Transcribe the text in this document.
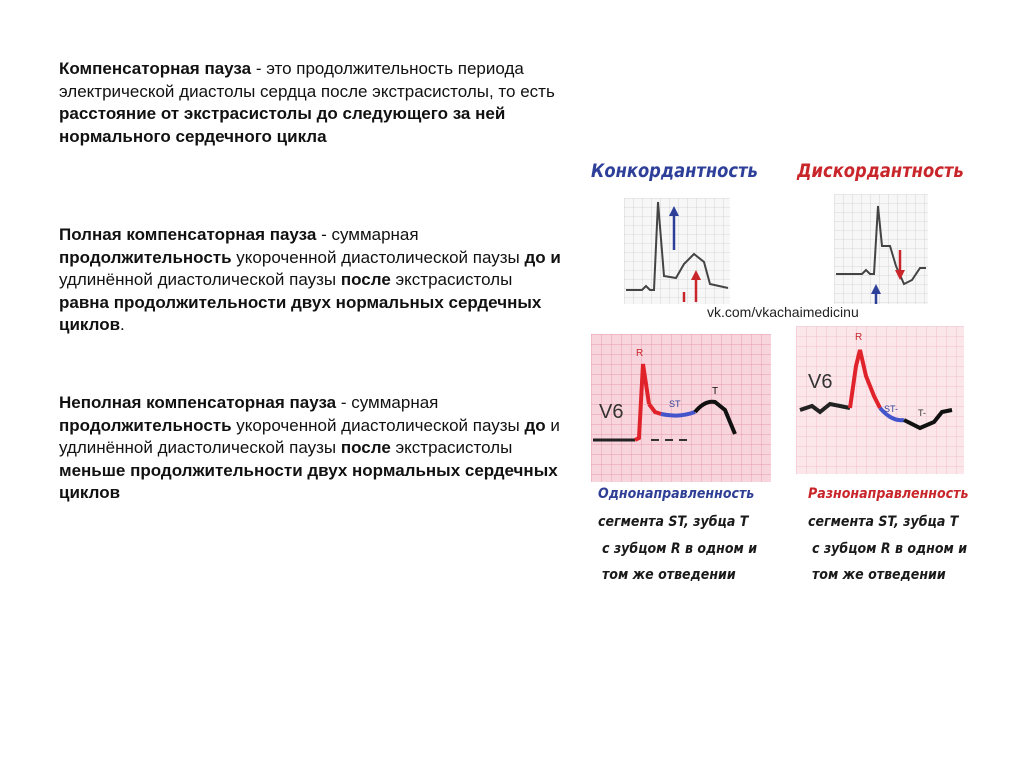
Компенсаторная пауза - это продолжительность периода электрической диастолы сердца после экстрасистолы, то есть расстояние от экстрасистолы до следующего за ней нормального сердечного цикла

Полная компенсаторная пауза - суммарная продолжительность укороченной диастолической паузы до и удлинённой диастолической паузы после экстрасистолы равна продолжительности двух нормальных сердечных циклов.

Неполная компенсаторная пауза - суммарная продолжительность укороченной диастолической паузы до и удлинённой диастолической паузы после экстрасистолы меньше продолжительности двух нормальных сердечных циклов

Конкордантность Дискордантность
vk.com/vkachaimedicinu
V6
R
ST
T	V6
R
ST- T-
Однонаправленность
сегмента ST, зубца T
с зубцом R в одном и
том же отведении
Разнонаправленность
сегмента ST, зубца T
с зубцом R в одном и
том же отведении
